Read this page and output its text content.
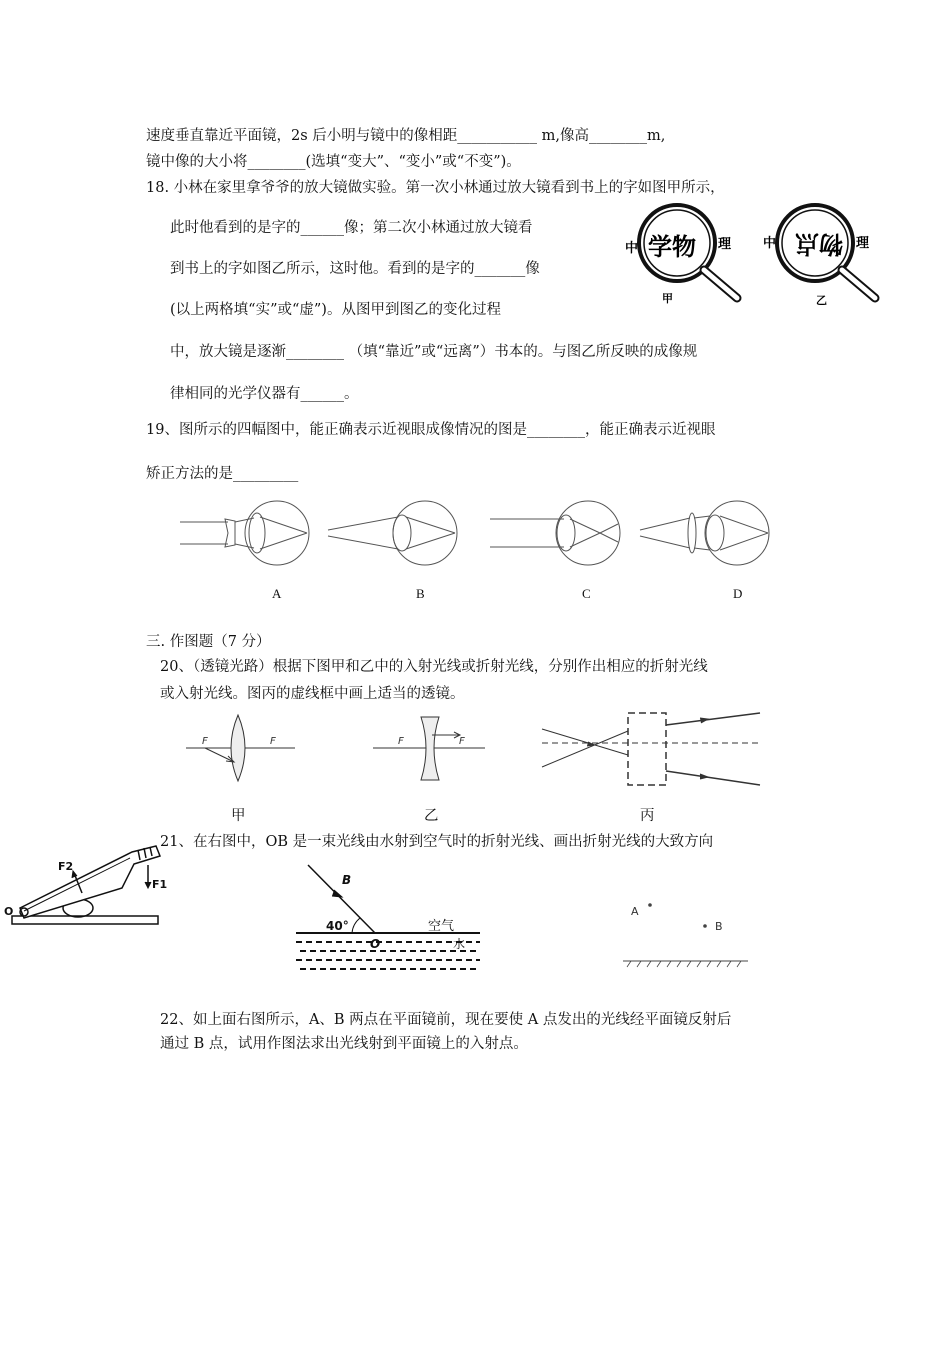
速度垂直靠近平面镜，2s 后小明与镜中的像相距___________ m,像高________m,
镜中像的大小将________(选填“变大”、“变小”或“不变”)。
18. 小林在家里拿爷爷的放大镜做实验。第一次小林通过放大镜看到书上的字如图甲所示，
此时他看到的是字的______像；第二次小林通过放大镜看
到书上的字如图乙所示，这时他。看到的是字的_______像
(以上两格填“实”或“虚”)。从图甲到图乙的变化过程
中，放大镜是逐渐________ （填“靠近”或“远离”）书本的。与图乙所反映的成像规
律相同的光学仪器有______。
中 学物 理
甲
中 物点 理
乙
19、图所示的四幅图中，能正确表示近视眼成像情况的图是________，能正确表示近视眼
矫正方法的是_________
A	B	C	D
三. 作图题（7 分）
20、（透镜光路）根据下图甲和乙中的入射光线或折射光线，分别作出相应的折射光线
或入射光线。图丙的虚线框中画上适当的透镜。
F	F	F	F
甲	乙	丙
21、在右图中，OB 是一束光线由水射到空气时的折射光线、画出折射光线的大致方向
F2
F1
O
B
40°
O
空气
水
A
B
22、如上面右图所示，A、B 两点在平面镜前，现在要使 A 点发出的光线经平面镜反射后
通过 B 点，试用作图法求出光线射到平面镜上的入射点。
